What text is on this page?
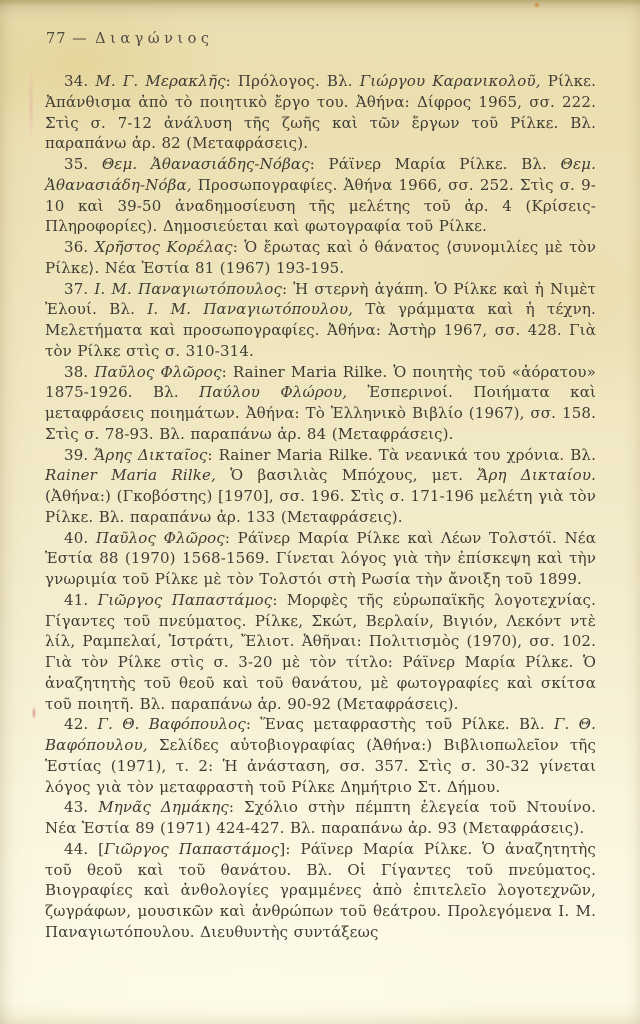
77 — Διαγώνιος

34. Μ. Γ. Μερακλῆς: Πρόλογος. Βλ. Γιώργου Καρανικολοῦ, Ρίλκε. Ἀπάνθισμα ἀπὸ τὸ ποιητικὸ ἔργο του. Ἀθήνα: Δίφρος 1965, σσ. 222. Στὶς σ. 7-12 ἀνάλυση τῆς ζωῆς καὶ τῶν ἔργων τοῦ Ρίλκε. Βλ. παραπάνω ἀρ. 82 (Μεταφράσεις).

35. Θεμ. Ἀθανασιάδης-Νόβας: Ράϊνερ Μαρία Ρίλκε. Βλ. Θεμ. Ἀθανασιάδη-Νόβα, Προσωπογραφίες. Ἀθήνα 1966, σσ. 252. Στὶς σ. 9-10 καὶ 39-50 ἀναδημοσίευση τῆς μελέτης τοῦ ἀρ. 4 (Κρίσεις-Πληροφορίες). Δημοσιεύεται καὶ φωτογραφία τοῦ Ρίλκε.

36. Χρῆστος Κορέλας: Ὁ ἔρωτας καὶ ὁ θάνατος ⟨συνομιλίες μὲ τὸν Ρίλκε⟩. Νέα Ἑστία 81 (1967) 193-195.

37. Ι. Μ. Παναγιωτόπουλος: Ἡ στερνὴ ἀγάπη. Ὁ Ρίλκε καὶ ἡ Νιμὲτ Ἐλουί. Βλ. Ι. Μ. Παναγιωτόπουλου, Τὰ γράμματα καὶ ἡ τέχνη. Μελετήματα καὶ προσωπογραφίες. Ἀθήνα: Ἀστὴρ 1967, σσ. 428. Γιὰ τὸν Ρίλκε στὶς σ. 310-314.

38. Παῦλος Φλῶρος: Rainer Maria Rilke. Ὁ ποιητὴς τοῦ «ἀόρατου» 1875-1926. Βλ. Παύλου Φλώρου, Ἑσπερινοί. Ποιήματα καὶ μεταφράσεις ποιημάτων. Ἀθήνα: Τὸ Ἑλληνικὸ Βιβλίο (1967), σσ. 158. Στὶς σ. 78-93. Βλ. παραπάνω ἀρ. 84 (Μεταφράσεις).

39. Ἄρης Δικταῖος: Rainer Maria Rilke. Τὰ νεανικά του χρόνια. Βλ. Rainer Maria Rilke, Ὁ βασιλιὰς Μπόχους, μετ. Ἄρη Δικταίου. (Ἀθήνα:) (Γκοβόστης) [1970], σσ. 196. Στὶς σ. 171-196 μελέτη γιὰ τὸν Ρίλκε. Βλ. παραπάνω ἀρ. 133 (Μεταφράσεις).

40. Παῦλος Φλῶρος: Ράϊνερ Μαρία Ρίλκε καὶ Λέων Τολστόϊ. Νέα Ἑστία 88 (1970) 1568-1569. Γίνεται λόγος γιὰ τὴν ἐπίσκεψη καὶ τὴν γνωριμία τοῦ Ρίλκε μὲ τὸν Τολστόι στὴ Ρωσία τὴν ἄνοιξη τοῦ 1899.

41. Γιῶργος Παπαστάμος: Μορφὲς τῆς εὐρωπαϊκῆς λογοτεχνίας. Γίγαντες τοῦ πνεύματος. Ρίλκε, Σκώτ, Βερλαίν, Βιγιόν, Λεκόντ ντὲ λίλ, Ραμπελαί, Ἰστράτι, Ἔλιοτ. Ἀθῆναι: Πολιτισμὸς (1970), σσ. 102. Γιὰ τὸν Ρίλκε στὶς σ. 3-20 μὲ τὸν τίτλο: Ράϊνερ Μαρία Ρίλκε. Ὁ ἀναζητητὴς τοῦ θεοῦ καὶ τοῦ θανάτου, μὲ φωτογραφίες καὶ σκίτσα τοῦ ποιητῆ. Βλ. παραπάνω ἀρ. 90-92 (Μεταφράσεις).

42. Γ. Θ. Βαφόπουλος: Ἕνας μεταφραστὴς τοῦ Ρίλκε. Βλ. Γ. Θ. Βαφόπουλου, Σελίδες αὐτοβιογραφίας (Ἀθήνα:) Βιβλιοπωλεῖον τῆς Ἑστίας (1971), τ. 2: Ἡ ἀνάσταση, σσ. 357. Στὶς σ. 30-32 γίνεται λόγος γιὰ τὸν μεταφραστὴ τοῦ Ρίλκε Δημήτριο Στ. Δήμου.

43. Μηνᾶς Δημάκης: Σχόλιο στὴν πέμπτη ἐλεγεία τοῦ Ντουίνο. Νέα Ἑστία 89 (1971) 424-427. Βλ. παραπάνω ἀρ. 93 (Μεταφράσεις).

44. [Γιῶργος Παπαστάμος]: Ράϊνερ Μαρία Ρίλκε. Ὁ ἀναζητητὴς τοῦ θεοῦ καὶ τοῦ θανάτου. Βλ. Οἱ Γίγαντες τοῦ πνεύματος. Βιογραφίες καὶ ἀνθολογίες γραμμένες ἀπὸ ἐπιτελεῖο λογοτεχνῶν, ζωγράφων, μουσικῶν καὶ ἀνθρώπων τοῦ θεάτρου. Προλεγόμενα Ι. Μ. Παναγιωτόπουλου. Διευθυντὴς συντάξεως
